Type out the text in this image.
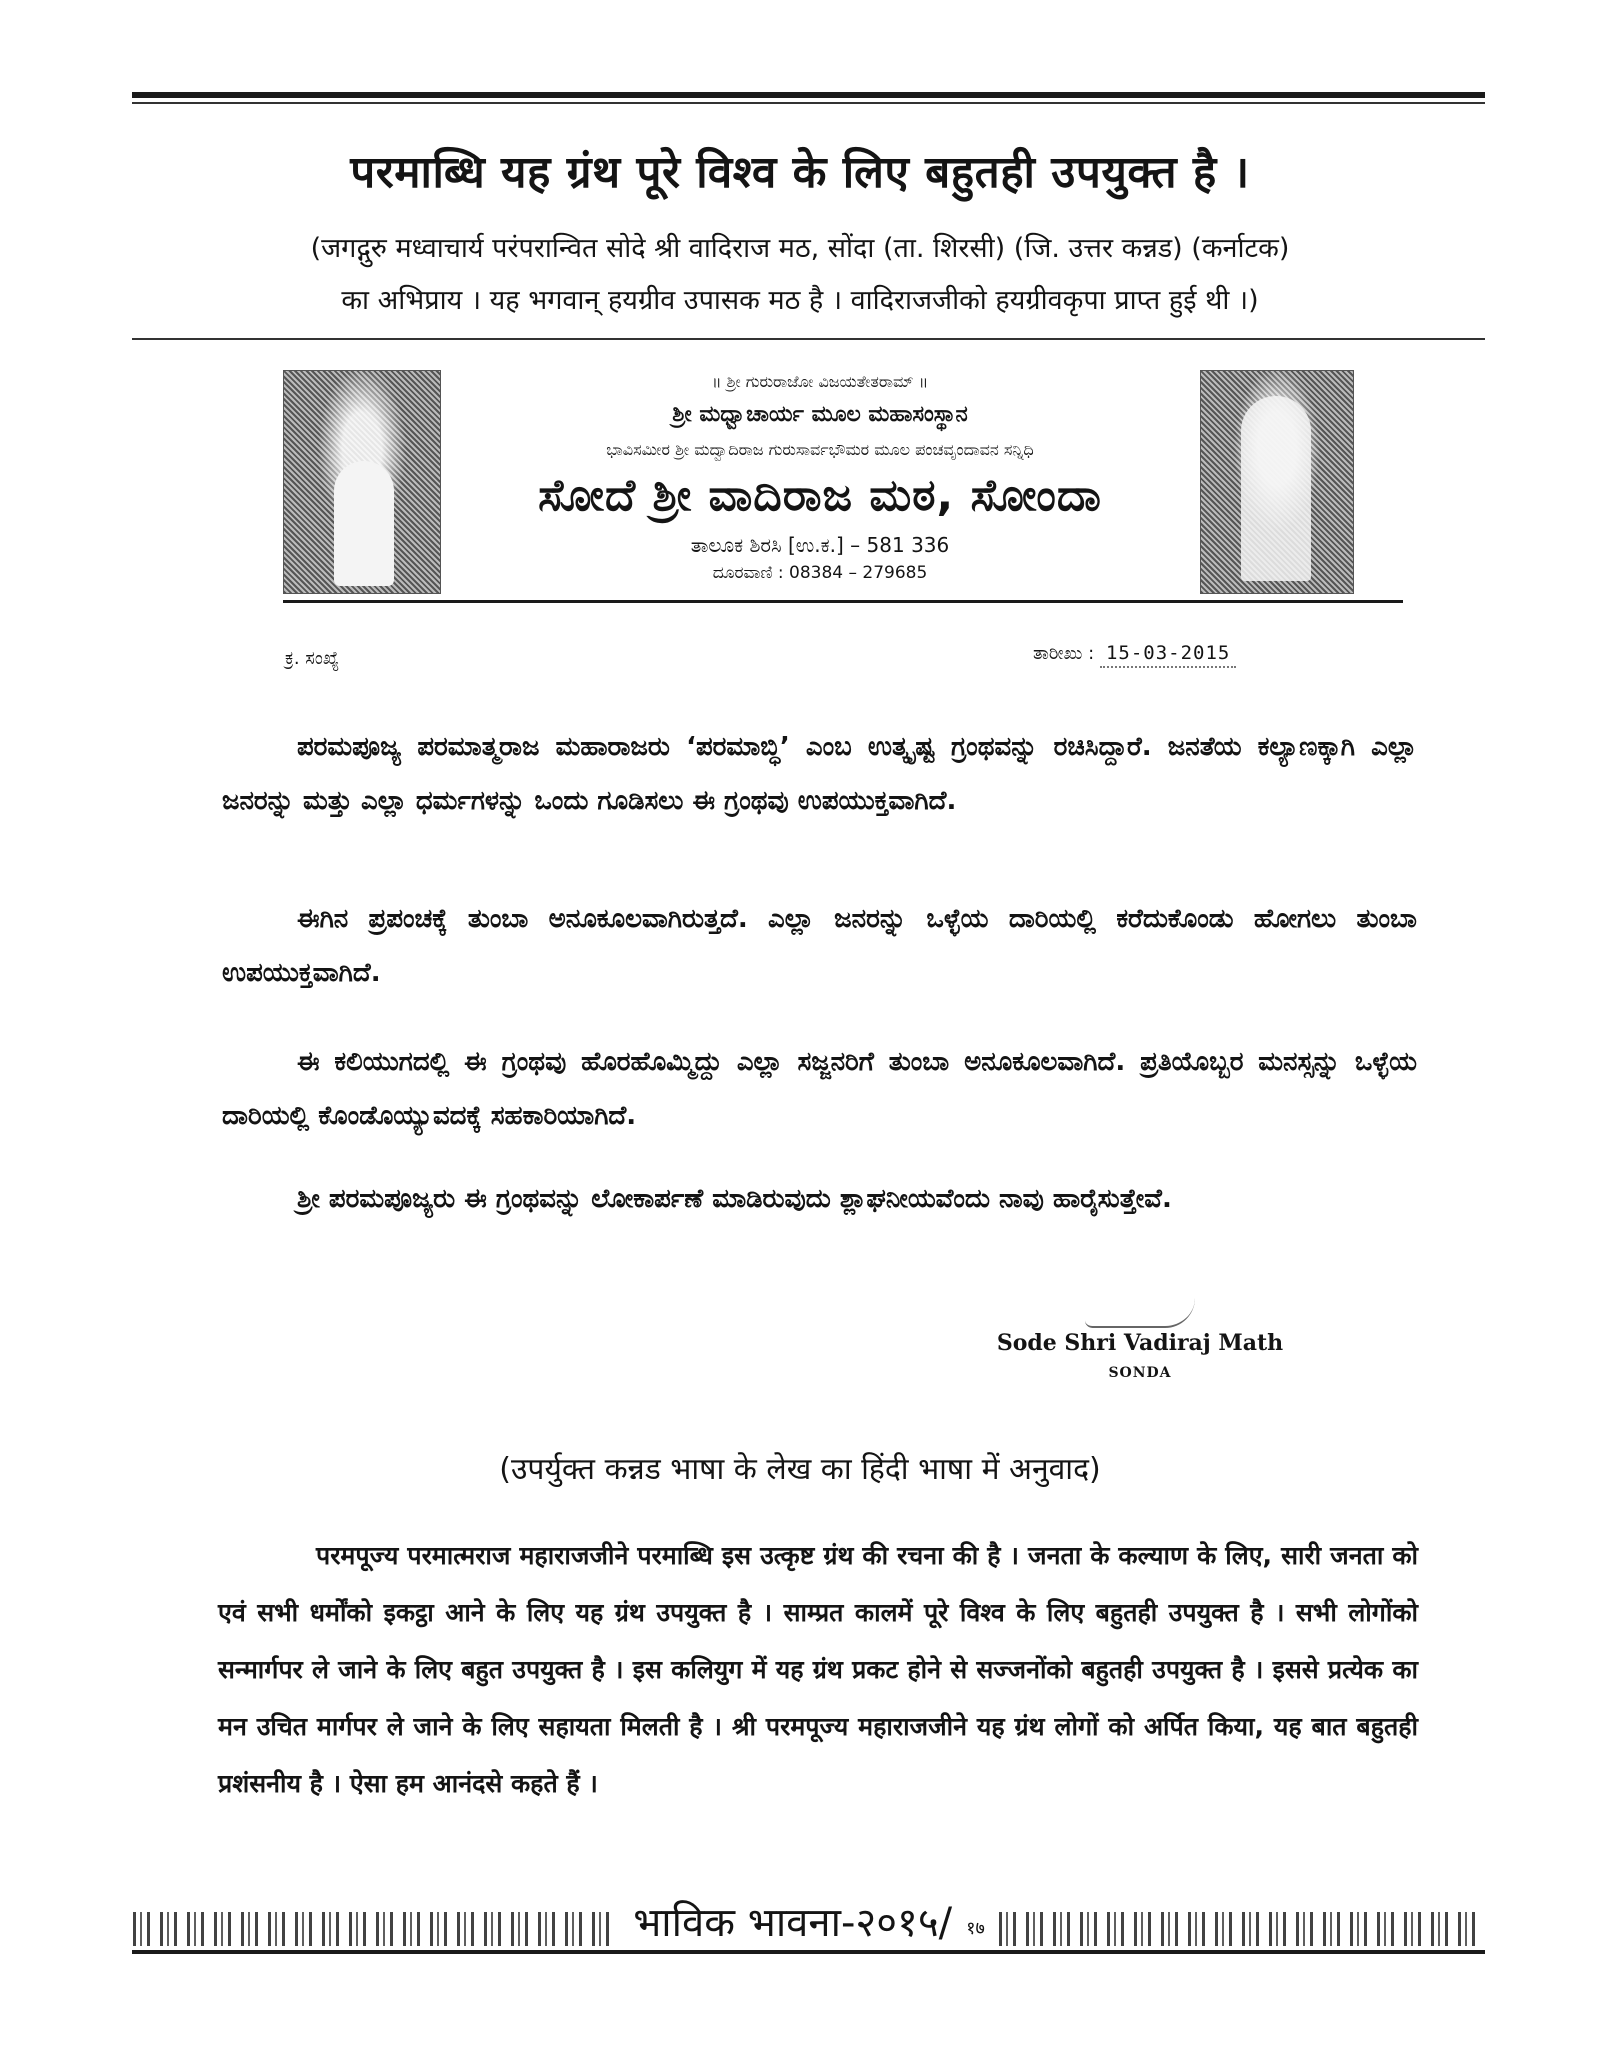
परमाब्धि यह ग्रंथ पूरे विश्व के लिए बहुतही उपयुक्त है ।
(जगद्गुरु मध्वाचार्य परंपरान्वित सोदे श्री वादिराज मठ, सोंदा (ता. शिरसी) (जि. उत्तर कन्नड) (कर्नाटक)
का अभिप्राय । यह भगवान् हयग्रीव उपासक मठ है । वादिराजजीको हयग्रीवकृपा प्राप्त हुई थी ।)
॥ ಶ್ರೀ ಗುರುರಾಜೋ ವಿಜಯತೇತರಾಮ್ ॥
ಶ್ರೀ ಮಧ್ವಾಚಾರ್ಯ ಮೂಲ ಮಹಾಸಂಸ್ಥಾನ
ಭಾವಿಸಮೀರ ಶ್ರೀ ಮದ್ವಾದಿರಾಜ ಗುರುಸಾರ್ವಭೌಮರ ಮೂಲ ಪಂಚವೃಂದಾವನ ಸನ್ನಿಧಿ
ಸೋದೆ ಶ್ರೀ ವಾದಿರಾಜ ಮಠ, ಸೋಂದಾ
ತಾಲೂಕ ಶಿರಸಿ [ಉ.ಕ.] – 581 336
ದೂರವಾಣಿ : 08384 – 279685
ಕ್ರ. ಸಂಖ್ಯೆ	ತಾರೀಖು : 15-03-2015
ಪರಮಪೂಜ್ಯ ಪರಮಾತ್ಮರಾಜ ಮಹಾರಾಜರು ‘ಪರಮಾಬ್ಧಿ’ ಎಂಬ ಉತ್ಕೃಷ್ಟ ಗ್ರಂಥವನ್ನು ರಚಿಸಿದ್ದಾರೆ. ಜನತೆಯ ಕಲ್ಯಾಣಕ್ಕಾಗಿ ಎಲ್ಲಾ ಜನರನ್ನು ಮತ್ತು ಎಲ್ಲಾ ಧರ್ಮಗಳನ್ನು ಒಂದು ಗೂಡಿಸಲು ಈ ಗ್ರಂಥವು ಉಪಯುಕ್ತವಾಗಿದೆ.
ಈಗಿನ ಪ್ರಪಂಚಕ್ಕೆ ತುಂಬಾ ಅನೂಕೂಲವಾಗಿರುತ್ತದೆ. ಎಲ್ಲಾ ಜನರನ್ನು ಒಳ್ಳೆಯ ದಾರಿಯಲ್ಲಿ ಕರೆದುಕೊಂಡು ಹೋಗಲು ತುಂಬಾ ಉಪಯುಕ್ತವಾಗಿದೆ.
ಈ ಕಲಿಯುಗದಲ್ಲಿ ಈ ಗ್ರಂಥವು ಹೊರಹೊಮ್ಮಿದ್ದು ಎಲ್ಲಾ ಸಜ್ಜನರಿಗೆ ತುಂಬಾ ಅನೂಕೂಲವಾಗಿದೆ. ಪ್ರತಿಯೊಬ್ಬರ ಮನಸ್ಸನ್ನು ಒಳ್ಳೆಯ ದಾರಿಯಲ್ಲಿ ಕೊಂಡೊಯ್ಯುವದಕ್ಕೆ ಸಹಕಾರಿಯಾಗಿದೆ.
ಶ್ರೀ ಪರಮಪೂಜ್ಯರು ಈ ಗ್ರಂಥವನ್ನು ಲೋಕಾರ್ಪಣೆ ಮಾಡಿರುವುದು ಶ್ಲಾಘನೀಯವೆಂದು ನಾವು ಹಾರೈಸುತ್ತೇವೆ.
Sode Shri Vadiraj Math
SONDA
(उपर्युक्त कन्नड भाषा के लेख का हिंदी भाषा में अनुवाद)
परमपूज्य परमात्मराज महाराजजीने परमाब्धि इस उत्कृष्ट ग्रंथ की रचना की है । जनता के कल्याण के लिए, सारी जनता को एवं सभी धर्मोंको इकट्ठा आने के लिए यह ग्रंथ उपयुक्त है । साम्प्रत कालमें पूरे विश्व के लिए बहुतही उपयुक्त है । सभी लोगोंको सन्मार्गपर ले जाने के लिए बहुत उपयुक्त है । इस कलियुग में यह ग्रंथ प्रकट होने से सज्जनोंको बहुतही उपयुक्त है । इससे प्रत्येक का मन उचित मार्गपर ले जाने के लिए सहायता मिलती है । श्री परमपूज्य महाराजजीने यह ग्रंथ लोगों को अर्पित किया, यह बात बहुतही प्रशंसनीय है । ऐसा हम आनंदसे कहते हैं ।
भाविक भावना-२०१५/ १७
